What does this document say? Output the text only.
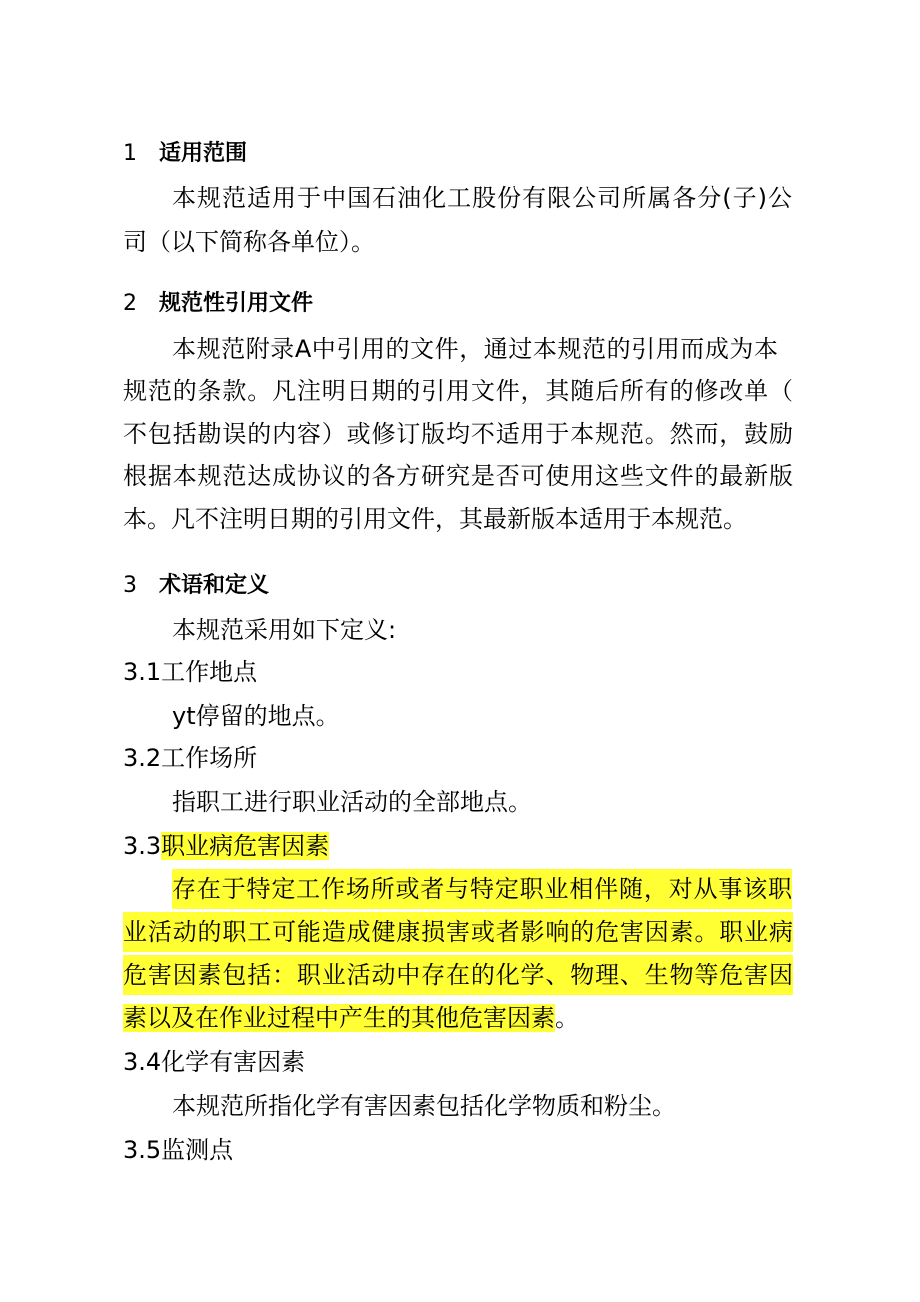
1 适用范围
本规范适用于中国石油化工股份有限公司所属各分(子)公
司（以下简称各单位）。
2 规范性引用文件
本规范附录A中引用的文件，通过本规范的引用而成为本
规范的条款。凡注明日期的引用文件，其随后所有的修改单（
不包括勘误的内容）或修订版均不适用于本规范。然而，鼓励
根据本规范达成协议的各方研究是否可使用这些文件的最新版
本。凡不注明日期的引用文件，其最新版本适用于本规范。
3 术语和定义
本规范采用如下定义:
3.1工作地点
yt停留的地点。
3.2工作场所
指职工进行职业活动的全部地点。
3.3职业病危害因素
存在于特定工作场所或者与特定职业相伴随，对从事该职
业活动的职工可能造成健康损害或者影响的危害因素。职业病
危害因素包括：职业活动中存在的化学、物理、生物等危害因
素以及在作业过程中产生的其他危害因素。
3.4化学有害因素
本规范所指化学有害因素包括化学物质和粉尘。
3.5监测点
